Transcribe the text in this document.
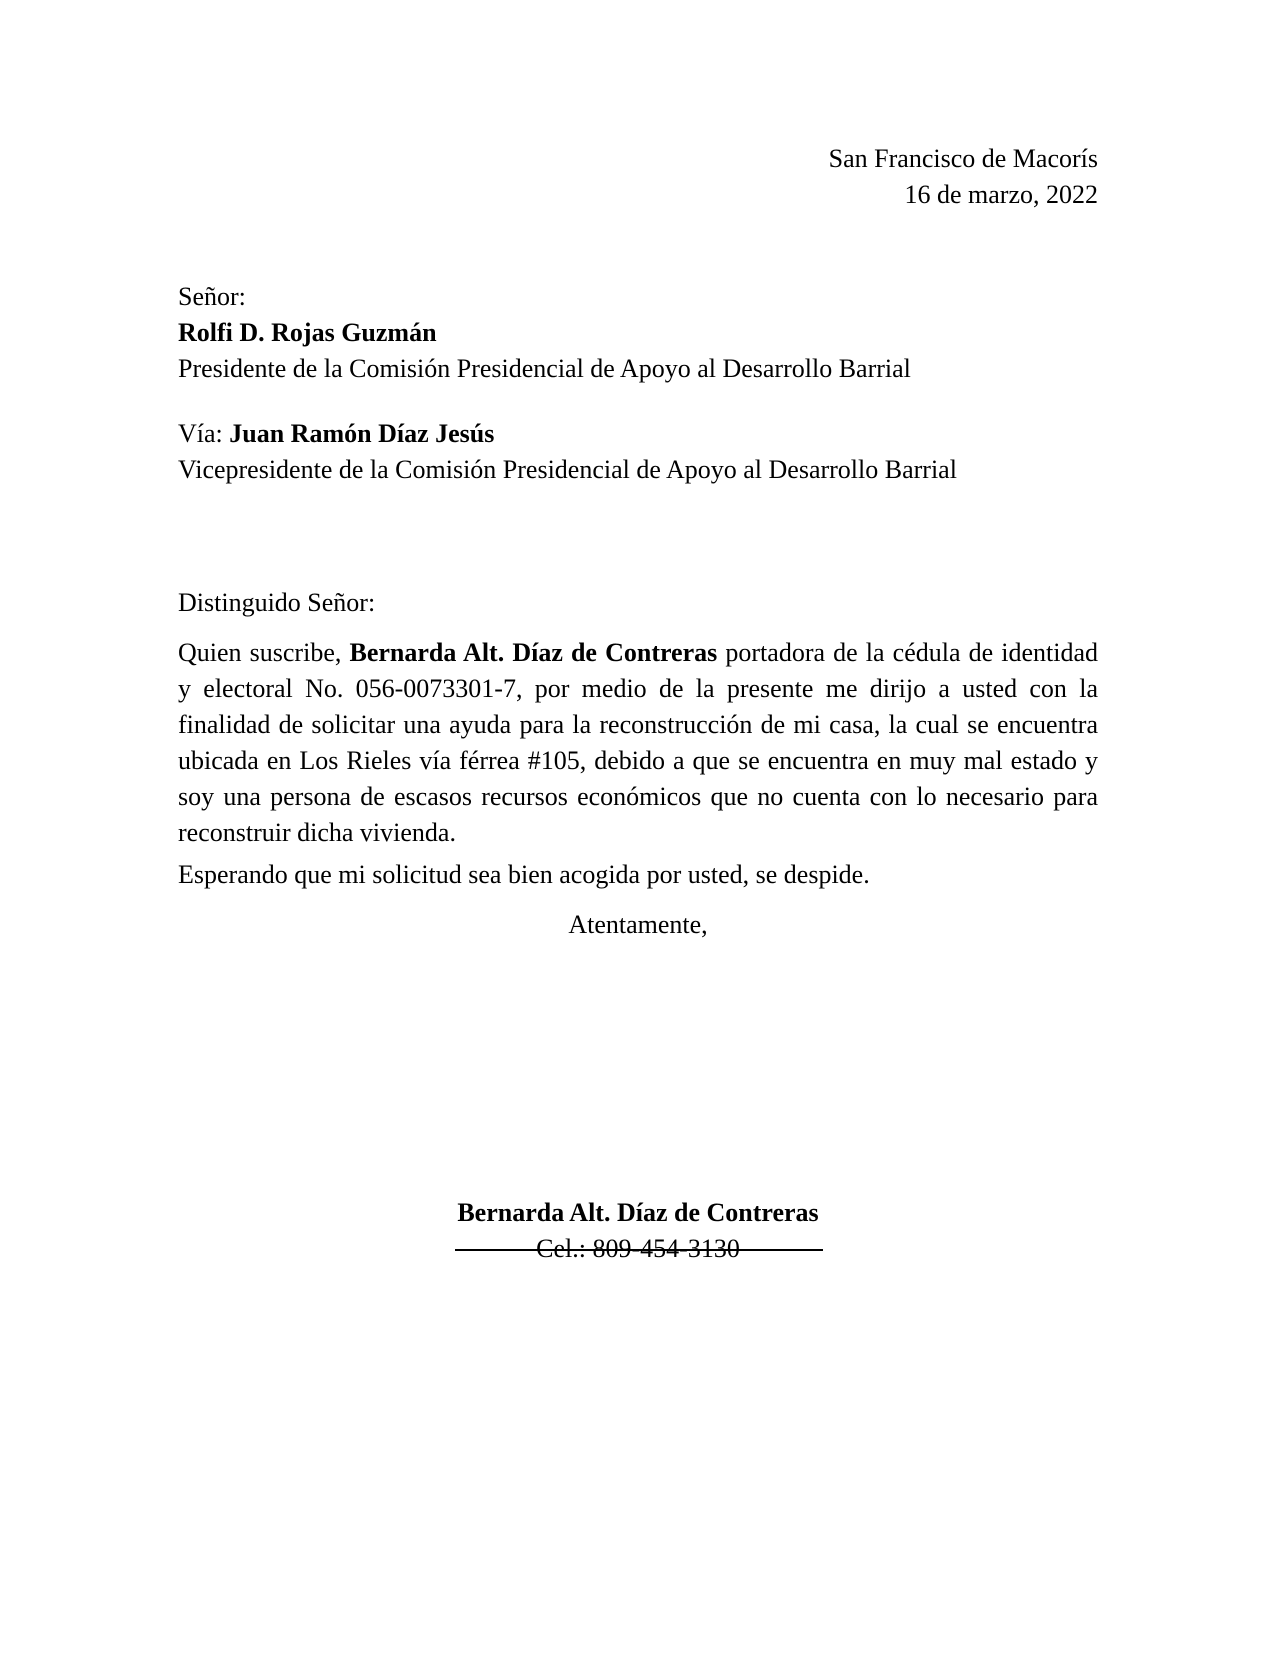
San Francisco de Macorís
16 de marzo, 2022
Señor:
Rolfi D. Rojas Guzmán
Presidente de la Comisión Presidencial de Apoyo al Desarrollo Barrial
Vía: Juan Ramón Díaz Jesús
Vicepresidente de la Comisión Presidencial de Apoyo al Desarrollo Barrial
Distinguido Señor:
Quien suscribe, Bernarda Alt. Díaz de Contreras portadora de la cédula de identidad y electoral No. 056-0073301-7, por medio de la presente me dirijo a usted con la finalidad de solicitar una ayuda para la reconstrucción de mi casa, la cual se encuentra ubicada en Los Rieles vía férrea #105, debido a que se encuentra en muy mal estado y soy una persona de escasos recursos económicos que no cuenta con lo necesario para reconstruir dicha vivienda.
Esperando que mi solicitud sea bien acogida por usted, se despide.
Atentamente,
Bernarda Alt. Díaz de Contreras
Cel.: 809-454-3130
